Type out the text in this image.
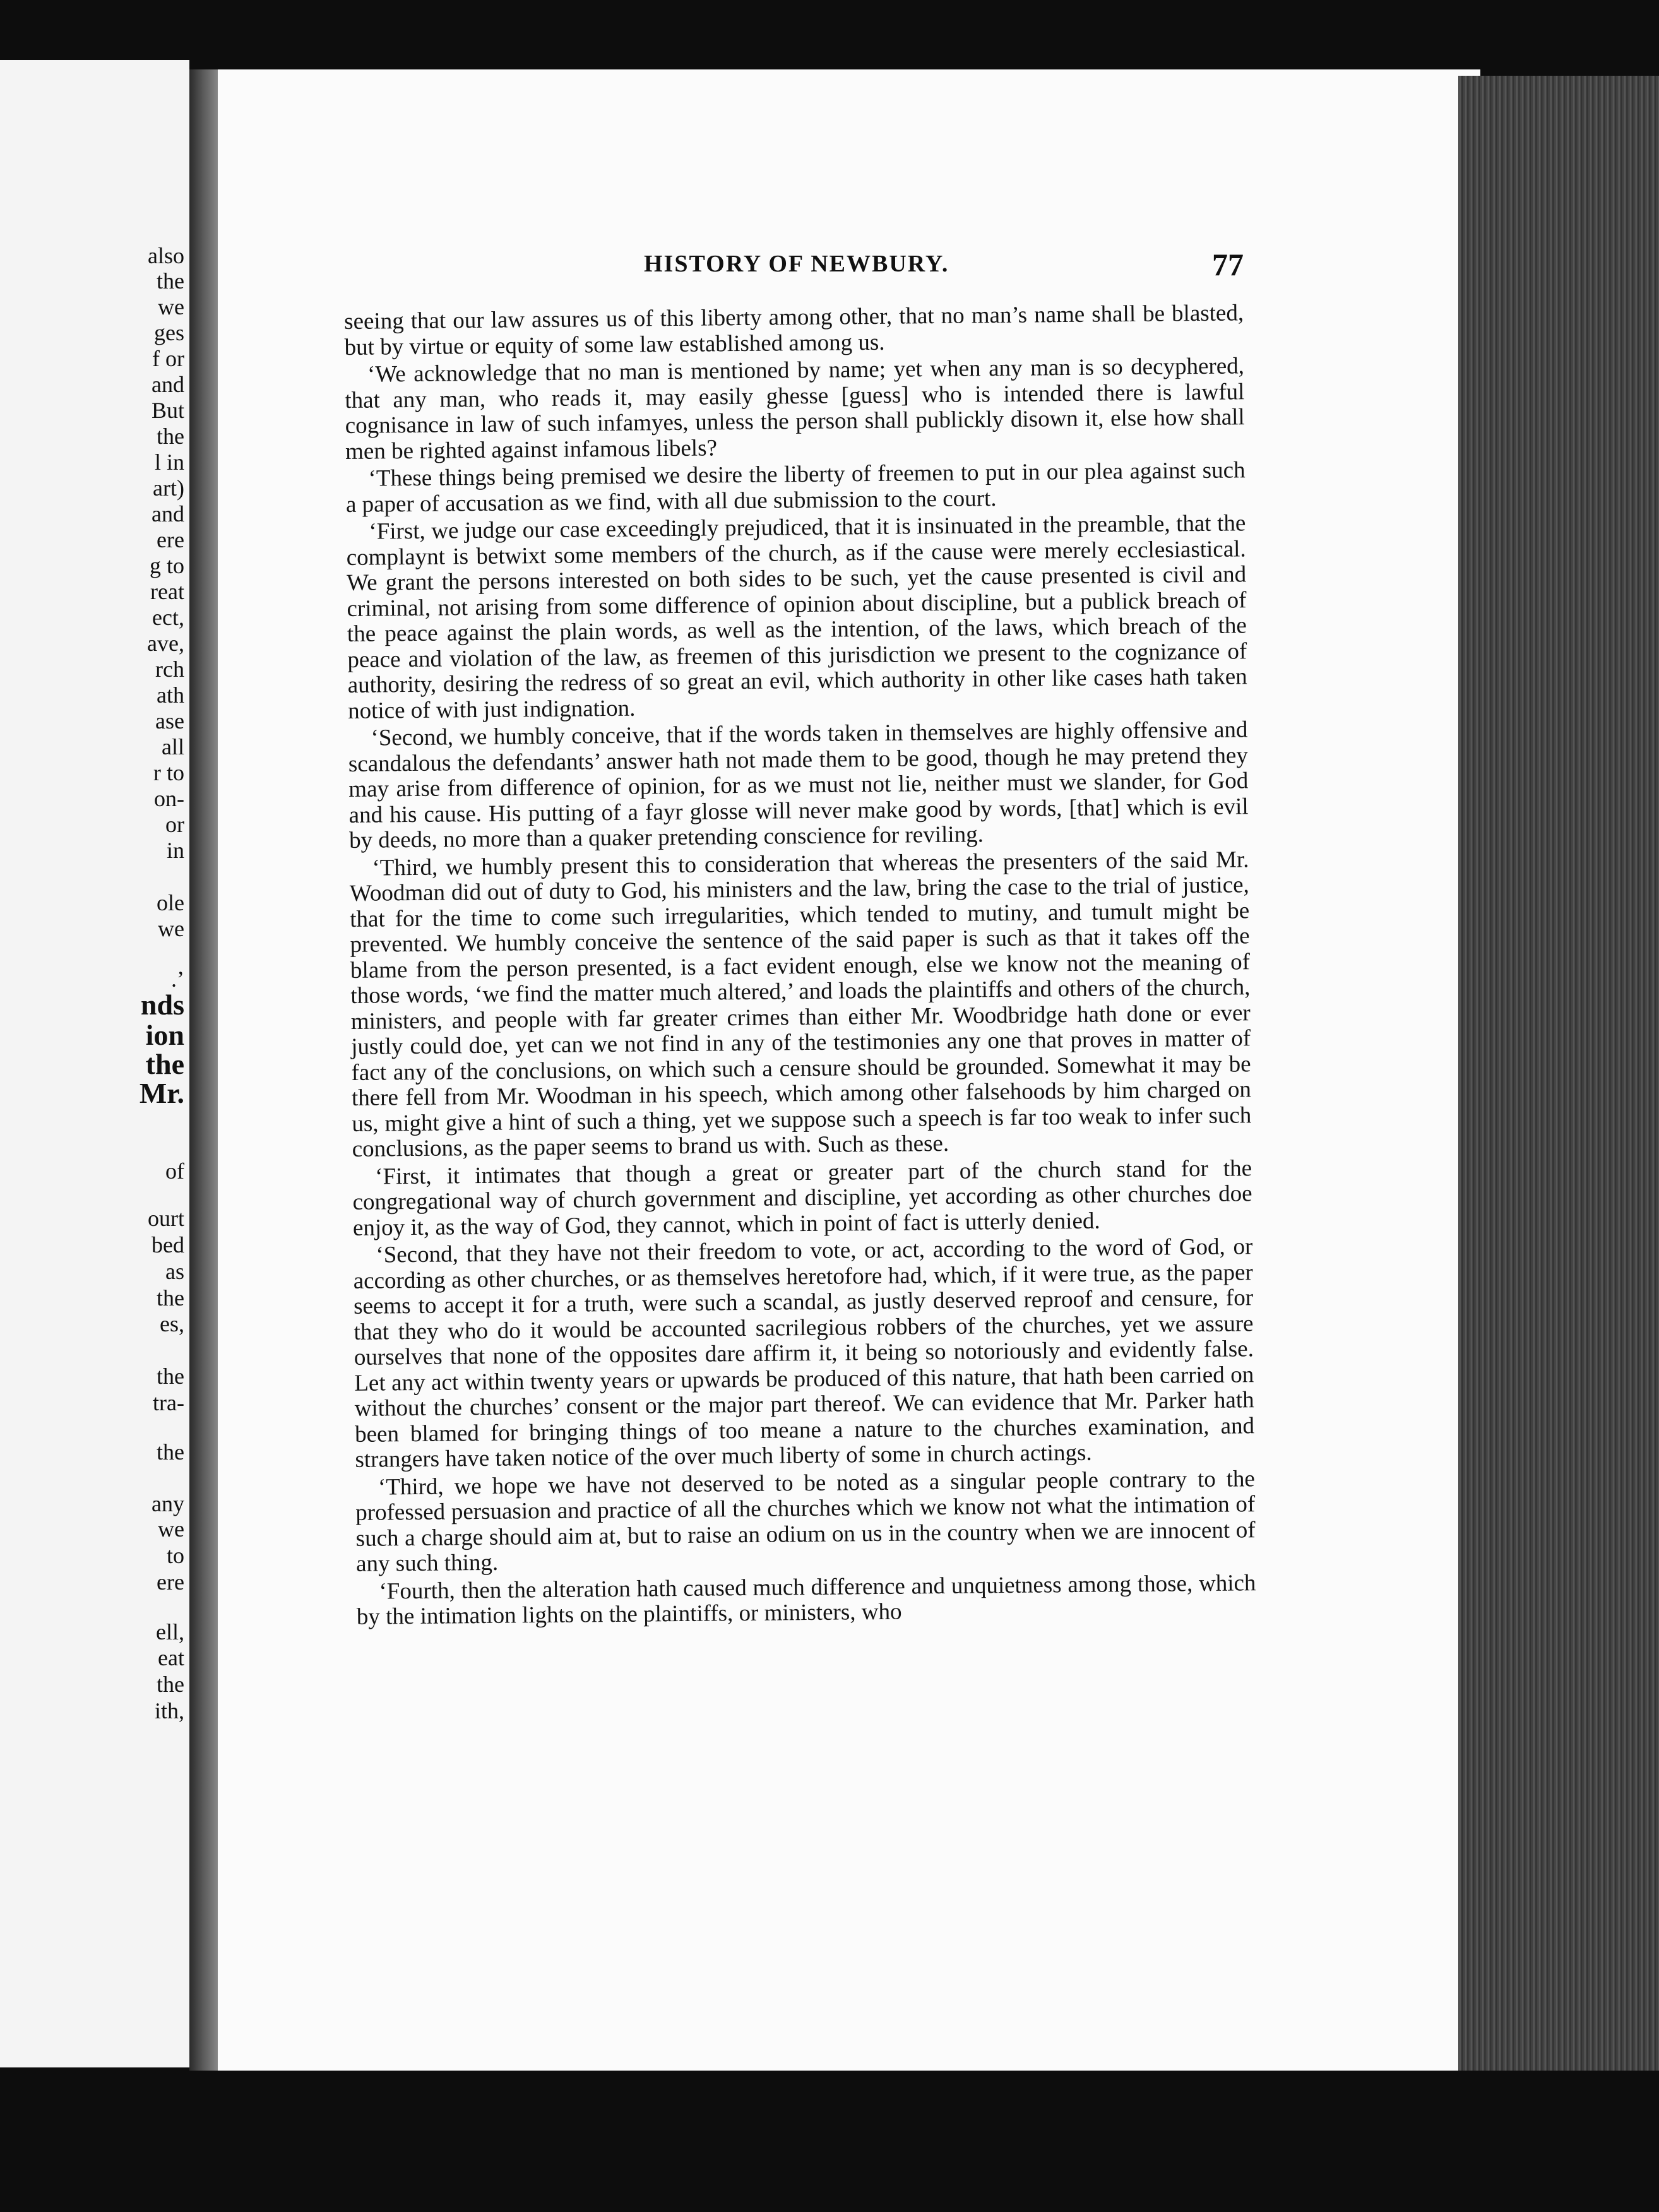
also
the
we
ges
f or
and
But
the
l in
art)
and
ere
g to
reat
ect,
ave,
rch
ath
ase
all
r to
on-
or
in
ole
we
.’
nds
ion
the
Mr.
of
ourt
bed
as
the
es,
the
tra-
the
any
we
to
ere
ell,
eat
the
ith,
HISTORY OF NEWBURY.	77

seeing that our law assures us of this liberty among other, that no man’s name shall be blasted, but by virtue or equity of some law established among us.

‘We acknowledge that no man is mentioned by name; yet when any man is so decyphered, that any man, who reads it, may easily ghesse [guess] who is intended there is lawful cognisance in law of such infamyes, unless the person shall publickly disown it, else how shall men be righted against infamous libels?

‘These things being premised we desire the liberty of freemen to put in our plea against such a paper of accusation as we find, with all due submission to the court.

‘First, we judge our case exceedingly prejudiced, that it is insinuated in the preamble, that the complaynt is betwixt some members of the church, as if the cause were merely ecclesiastical. We grant the persons interested on both sides to be such, yet the cause presented is civil and criminal, not arising from some difference of opinion about discipline, but a publick breach of the peace against the plain words, as well as the intention, of the laws, which breach of the peace and violation of the law, as freemen of this jurisdiction we present to the cognizance of authority, desiring the redress of so great an evil, which authority in other like cases hath taken notice of with just indignation.

‘Second, we humbly conceive, that if the words taken in themselves are highly offensive and scandalous the defendants’ answer hath not made them to be good, though he may pretend they may arise from difference of opinion, for as we must not lie, neither must we slander, for God and his cause. His putting of a fayr glosse will never make good by words, [that] which is evil by deeds, no more than a quaker pretending conscience for reviling.

‘Third, we humbly present this to consideration that whereas the presenters of the said Mr. Woodman did out of duty to God, his ministers and the law, bring the case to the trial of justice, that for the time to come such irregularities, which tended to mutiny, and tumult might be prevented. We humbly conceive the sentence of the said paper is such as that it takes off the blame from the person presented, is a fact evident enough, else we know not the meaning of those words, ‘we find the matter much altered,’ and loads the plaintiffs and others of the church, ministers, and people with far greater crimes than either Mr. Woodbridge hath done or ever justly could doe, yet can we not find in any of the testimonies any one that proves in matter of fact any of the conclusions, on which such a censure should be grounded. Somewhat it may be there fell from Mr. Woodman in his speech, which among other falsehoods by him charged on us, might give a hint of such a thing, yet we suppose such a speech is far too weak to infer such conclusions, as the paper seems to brand us with. Such as these.

‘First, it intimates that though a great or greater part of the church stand for the congregational way of church government and discipline, yet according as other churches doe enjoy it, as the way of God, they cannot, which in point of fact is utterly denied.

‘Second, that they have not their freedom to vote, or act, according to the word of God, or according as other churches, or as themselves heretofore had, which, if it were true, as the paper seems to accept it for a truth, were such a scandal, as justly deserved reproof and censure, for that they who do it would be accounted sacrilegious robbers of the churches, yet we assure ourselves that none of the opposites dare affirm it, it being so notoriously and evidently false. Let any act within twenty years or upwards be produced of this nature, that hath been carried on without the churches’ consent or the major part thereof. We can evidence that Mr. Parker hath been blamed for bringing things of too meane a nature to the churches examination, and strangers have taken notice of the over much liberty of some in church actings.

‘Third, we hope we have not deserved to be noted as a singular people contrary to the professed persuasion and practice of all the churches which we know not what the intimation of such a charge should aim at, but to raise an odium on us in the country when we are innocent of any such thing.

‘Fourth, then the alteration hath caused much difference and unquietness among those, which by the intimation lights on the plaintiffs, or ministers, who
